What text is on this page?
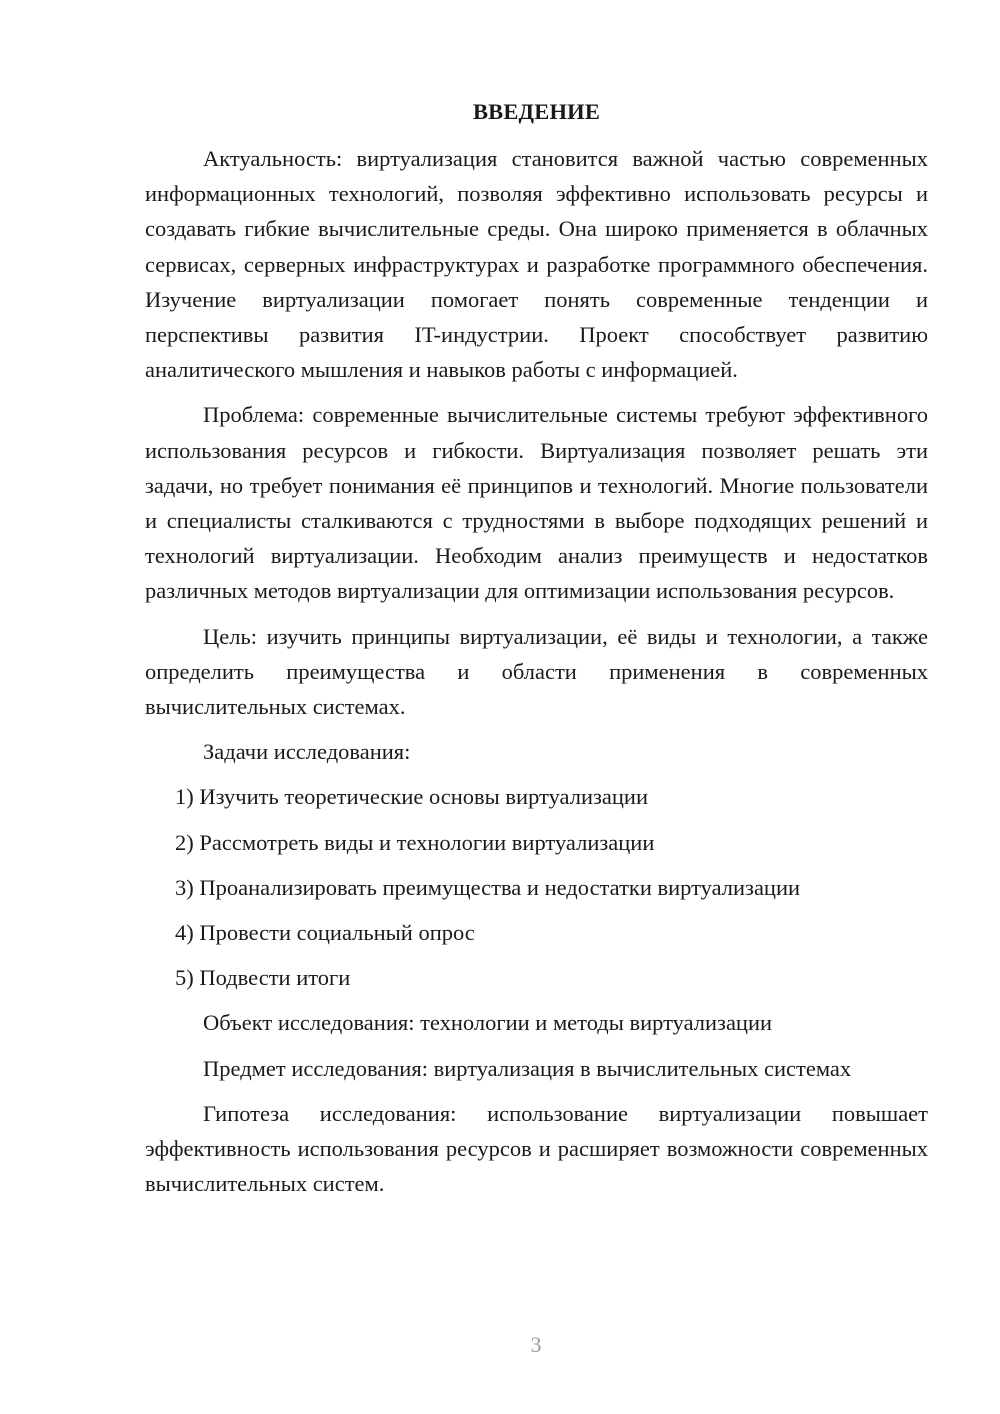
ВВЕДЕНИЕ

Актуальность: виртуализация становится важной частью современных информационных технологий, позволяя эффективно использовать ресурсы и создавать гибкие вычислительные среды. Она широко применяется в облачных сервисах, серверных инфраструктурах и разработке программного обеспечения. Изучение виртуализации помогает понять современные тенденции и перспективы развития IT-индустрии. Проект способствует развитию аналитического мышления и навыков работы с информацией.

Проблема: современные вычислительные системы требуют эффективного использования ресурсов и гибкости. Виртуализация позволяет решать эти задачи, но требует понимания её принципов и технологий. Многие пользователи и специалисты сталкиваются с трудностями в выборе подходящих решений и технологий виртуализации. Необходим анализ преимуществ и недостатков различных методов виртуализации для оптимизации использования ресурсов.

Цель: изучить принципы виртуализации, её виды и технологии, а также определить преимущества и области применения в современных вычислительных системах.

Задачи исследования:

1) Изучить теоретические основы виртуализации
2) Рассмотреть виды и технологии виртуализации
3) Проанализировать преимущества и недостатки виртуализации
4) Провести социальный опрос
5) Подвести итоги

Объект исследования: технологии и методы виртуализации

Предмет исследования: виртуализация в вычислительных системах

Гипотеза исследования: использование виртуализации повышает эффективность использования ресурсов и расширяет возможности современных вычислительных систем.

3
